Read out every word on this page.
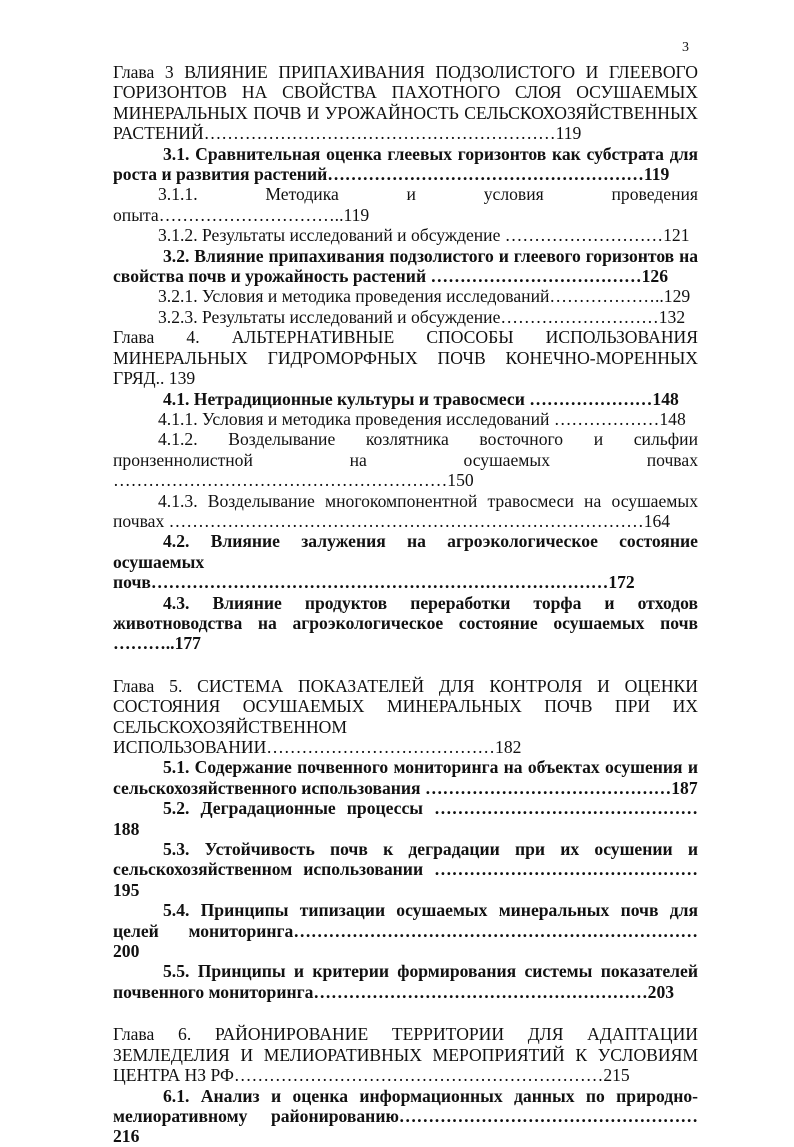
3

Глава 3 ВЛИЯНИЕ ПРИПАХИВАНИЯ ПОДЗОЛИСТОГО И ГЛЕЕВОГО ГОРИЗОНТОВ НА СВОЙСТВА ПАХОТНОГО СЛОЯ ОСУШАЕМЫХ МИНЕРАЛЬНЫХ ПОЧВ И УРОЖАЙНОСТЬ СЕЛЬСКОХОЗЯЙСТВЕННЫХ РАСТЕНИЙ……………………………………………………119

3.1. Сравнительная оценка глеевых горизонтов как субстрата для роста и развития растений………………………………………………119

3.1.1. Методика и условия проведения опыта…………………………..119

3.1.2. Результаты исследований и обсуждение ………………………121

3.2. Влияние припахивания подзолистого и глеевого горизонтов на свойства почв и урожайность растений ………………………………126

3.2.1. Условия и методика проведения исследований………………..129

3.2.3. Результаты исследований и обсуждение………………………132

Глава 4. АЛЬТЕРНАТИВНЫЕ СПОСОБЫ ИСПОЛЬЗОВАНИЯ МИНЕРАЛЬНЫХ ГИДРОМОРФНЫХ ПОЧВ КОНЕЧНО-МОРЕННЫХ ГРЯД.. 139

4.1. Нетрадиционные культуры и травосмеси …………………148

4.1.1. Условия и методика проведения исследований ………………148

4.1.2. Возделывание козлятника восточного и сильфии пронзеннолистной на осушаемых почвах …………………………………………………150

4.1.3. Возделывание многокомпонентной травосмеси на осушаемых почвах ………………………………………………………………………164

4.2. Влияние залужения на агроэкологическое состояние осушаемых почв……………………………………………………………………172

4.3. Влияние продуктов переработки торфа и отходов животноводства на агроэкологическое состояние осушаемых почв ………..177

Глава 5. СИСТЕМА ПОКАЗАТЕЛЕЙ ДЛЯ КОНТРОЛЯ И ОЦЕНКИ СОСТОЯНИЯ ОСУШАЕМЫХ МИНЕРАЛЬНЫХ ПОЧВ ПРИ ИХ СЕЛЬСКОХОЗЯЙСТВЕННОМ ИСПОЛЬЗОВАНИИ…………………………………182

5.1. Содержание почвенного мониторинга на объектах осушения и сельскохозяйственного использования ……………………………………187

5.2. Деградационные процессы ………………………………………188

5.3. Устойчивость почв к деградации при их осушении и сельскохозяйственном использовании ………………………………………195

5.4. Принципы типизации осушаемых минеральных почв для целей мониторинга……………………………………………………………200

5.5. Принципы и критерии формирования системы показателей почвенного мониторинга…………………………………………………203

Глава 6. РАЙОНИРОВАНИЕ ТЕРРИТОРИИ ДЛЯ АДАПТАЦИИ ЗЕМЛЕДЕЛИЯ И МЕЛИОРАТИВНЫХ МЕРОПРИЯТИЙ К УСЛОВИЯМ ЦЕНТРА НЗ РФ………………………………………………………215

6.1. Анализ и оценка информационных данных по природно-мелиоративному районированию……………………………………………216
